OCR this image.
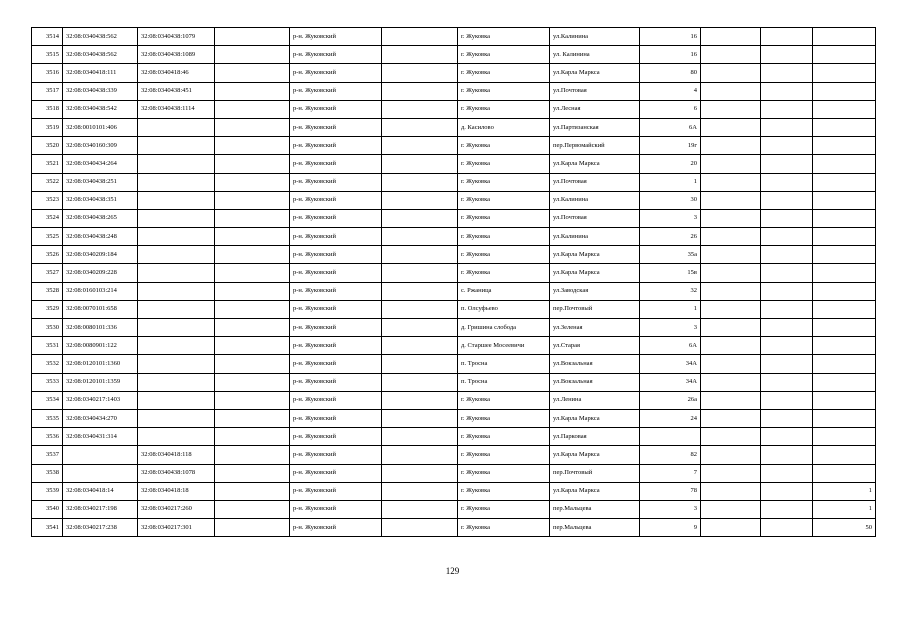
3514	32:08:0340438:562	32:08:0340438:1079		р-н. Жуковский		г. Жуковка	ул.Калинина	16			
3515	32:08:0340438:562	32:08:0340438:1089		р-н. Жуковский		г. Жуковка	ул. Калинина	16			
3516	32:08:0340418:111	32:08:0340418:46		р-н. Жуковский		г. Жуковка	ул.Карла Маркса	80			
3517	32:08:0340438:339	32:08:0340438:451		р-н. Жуковский		г. Жуковка	ул.Почтовая	4			
3518	32:08:0340438:542	32:08:0340438:1114		р-н. Жуковский		г. Жуковка	ул.Лесная	6			
3519	32:08:0010101:406			р-н. Жуковский		д. Касилово	ул.Партизанская	6А			
3520	32:08:0340160:309			р-н. Жуковский		г. Жуковка	пер.Первомайский	19г			
3521	32:08:0340434:264			р-н. Жуковский		г. Жуковка	ул.Карла Маркса	20			
3522	32:08:0340438:251			р-н. Жуковский		г. Жуковка	ул.Почтовая	1			
3523	32:08:0340438:351			р-н. Жуковский		г. Жуковка	ул.Калинина	30			
3524	32:08:0340438:265			р-н. Жуковский		г. Жуковка	ул.Почтовая	3			
3525	32:08:0340438:248			р-н. Жуковский		г. Жуковка	ул.Калинина	26			
3526	32:08:0340209:184			р-н. Жуковский		г. Жуковка	ул.Карла Маркса	35а			
3527	32:08:0340209:228			р-н. Жуковский		г. Жуковка	ул.Карла Маркса	15в			
3528	32:08:0160103:214			р-н. Жуковский		с. Ржаница	ул.Заводская	32			
3529	32:08:0070101:658			р-н. Жуковский		п. Олсуфьево	пер.Почтовый	1			
3530	32:08:0080101:336			р-н. Жуковский		д. Гришина слобода	ул.Зеленая	3			
3531	32:08:0080901:122			р-н. Жуковский		д. Старшее Мосеевичи	ул.Старая	6А			
3532	32:08:0120101:1360			р-н. Жуковский		п. Тросна	ул.Вокзальная	34А			
3533	32:08:0120101:1359			р-н. Жуковский		п. Тросна	ул.Вокзальная	34А			
3534	32:08:0340217:1403			р-н. Жуковский		г. Жуковка	ул.Ленина	26а			
3535	32:08:0340434:270			р-н. Жуковский		г. Жуковка	ул.Карла Маркса	24			
3536	32:08:0340431:314			р-н. Жуковский		г. Жуковка	ул.Парковая				
3537		32:08:0340418:118		р-н. Жуковский		г. Жуковка	ул.Карла Маркса	82			
3538		32:08:0340438:1078		р-н. Жуковский		г. Жуковка	пер.Почтовый	7			
3539	32:08:0340418:14	32:08:0340418:18		р-н. Жуковский		г. Жуковка	ул.Карла Маркса	78			1
3540	32:08:0340217:198	32:08:0340217:260		р-н. Жуковский		г. Жуковка	пер.Мальцева	3			1
3541	32:08:0340217:238	32:08:0340217:301		р-н. Жуковский		г. Жуковка	пер.Мальцева	9			50
129
